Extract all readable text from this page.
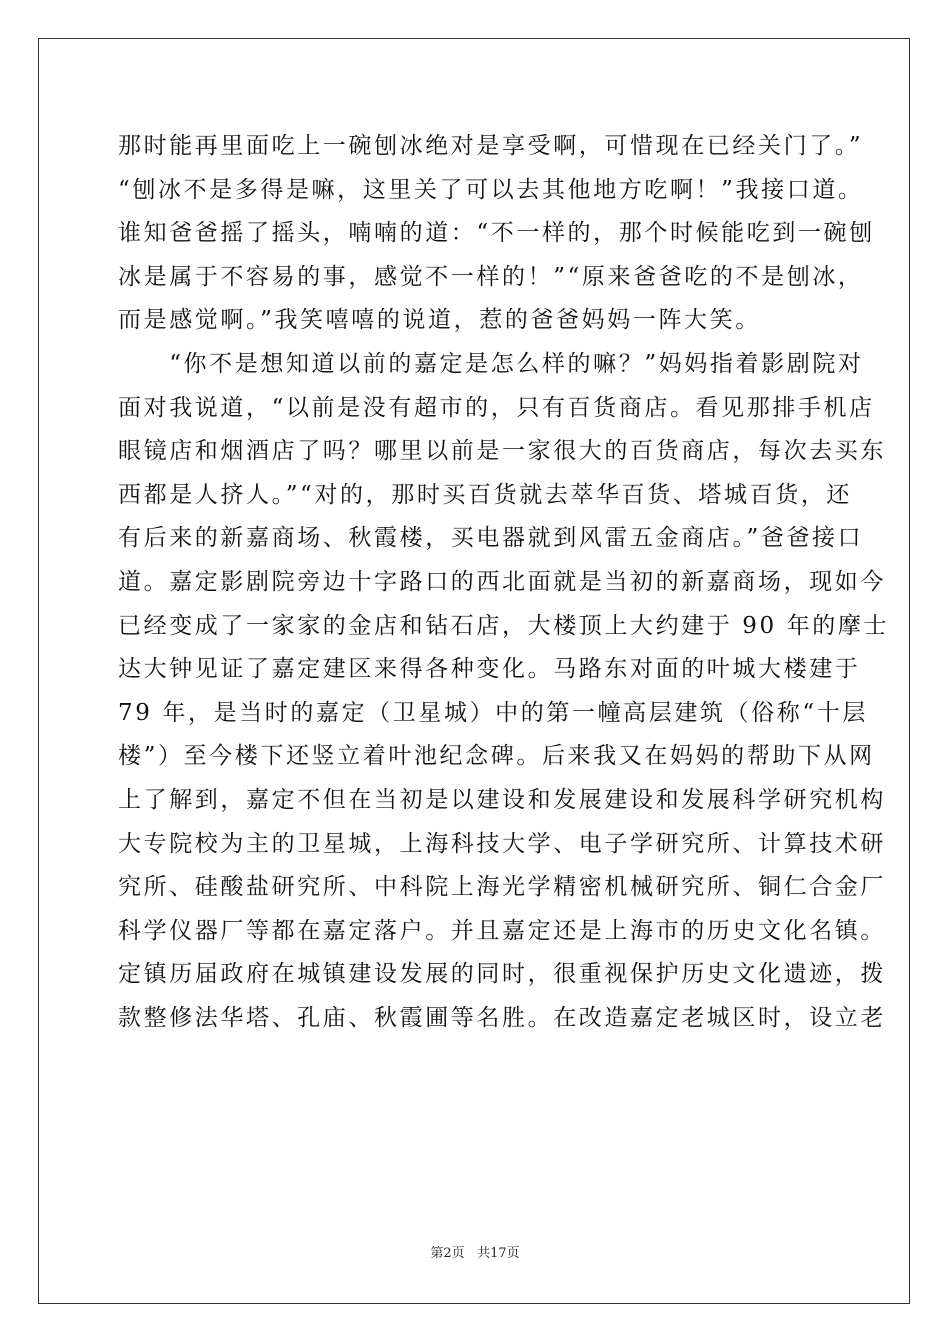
那时能再里面吃上一碗刨冰绝对是享受啊，可惜现在已经关门了。”
“刨冰不是多得是嘛，这里关了可以去其他地方吃啊！”我接口道。
谁知爸爸摇了摇头，喃喃的道：“不一样的，那个时候能吃到一碗刨
冰是属于不容易的事，感觉不一样的！”“原来爸爸吃的不是刨冰，
而是感觉啊。”我笑嘻嘻的说道，惹的爸爸妈妈一阵大笑。
　　“你不是想知道以前的嘉定是怎么样的嘛？”妈妈指着影剧院对
面对我说道，“以前是没有超市的，只有百货商店。看见那排手机店
眼镜店和烟酒店了吗？哪里以前是一家很大的百货商店，每次去买东
西都是人挤人。”“对的，那时买百货就去萃华百货、塔城百货，还
有后来的新嘉商场、秋霞楼，买电器就到风雷五金商店。”爸爸接口
道。嘉定影剧院旁边十字路口的西北面就是当初的新嘉商场，现如今
已经变成了一家家的金店和钻石店，大楼顶上大约建于 90 年的摩士
达大钟见证了嘉定建区来得各种变化。马路东对面的叶城大楼建于
79 年，是当时的嘉定（卫星城）中的第一幢高层建筑（俗称“十层
楼”）至今楼下还竖立着叶池纪念碑。后来我又在妈妈的帮助下从网
上了解到，嘉定不但在当初是以建设和发展建设和发展科学研究机构
大专院校为主的卫星城，上海科技大学、电子学研究所、计算技术研
究所、硅酸盐研究所、中科院上海光学精密机械研究所、铜仁合金厂
科学仪器厂等都在嘉定落户。并且嘉定还是上海市的历史文化名镇。
定镇历届政府在城镇建设发展的同时，很重视保护历史文化遗迹，拨
款整修法华塔、孔庙、秋霞圃等名胜。在改造嘉定老城区时，设立老
第2页 共17页
